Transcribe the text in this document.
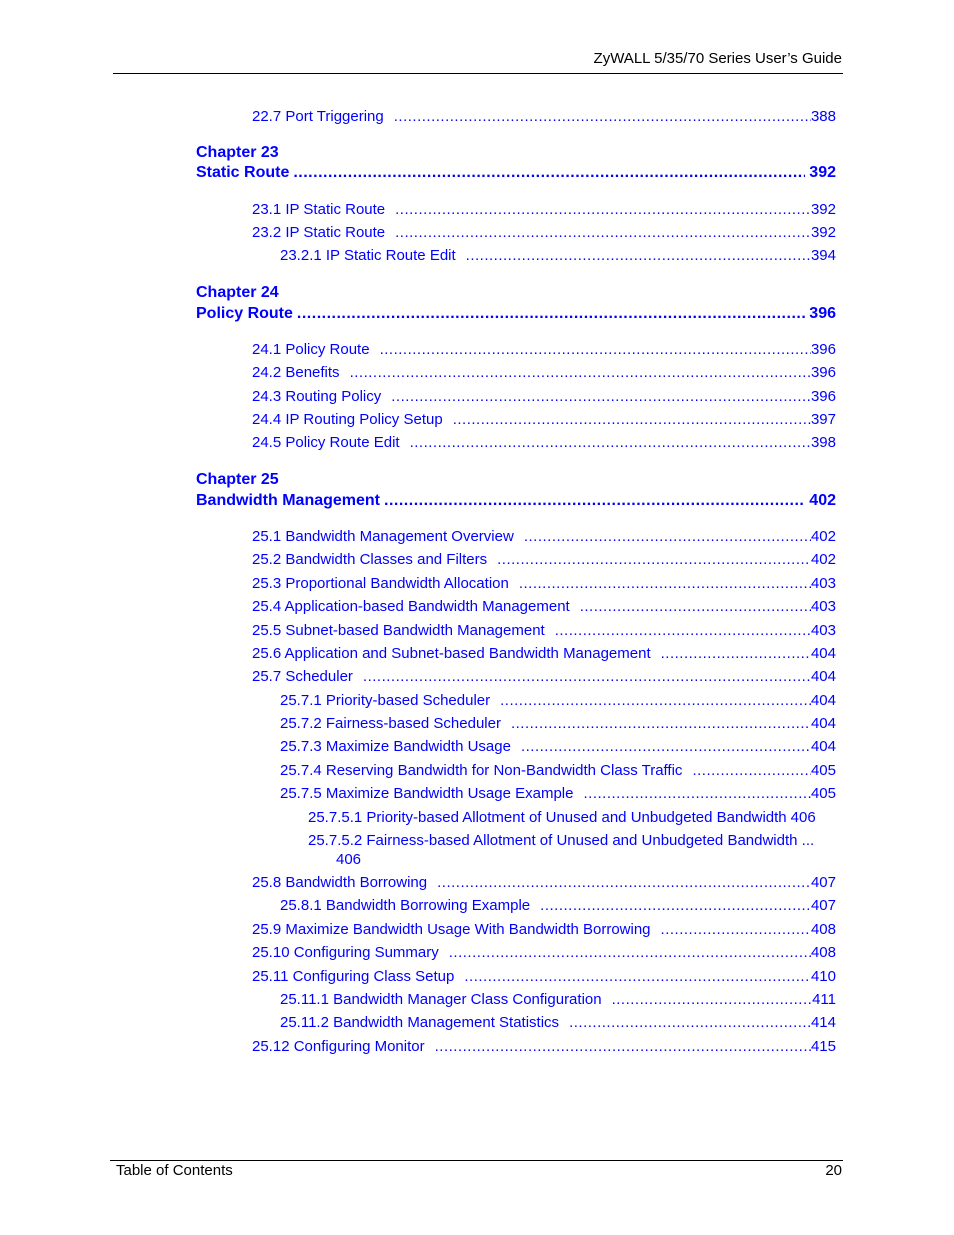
ZyWALL 5/35/70 Series User’s Guide
22.7 Port Triggering .....	388
Chapter 23
Static Route .....	392
23.1 IP Static Route .....	392
23.2 IP Static Route .....	392
23.2.1 IP Static Route Edit .....	394
Chapter 24
Policy Route .....	396
24.1 Policy Route .....	396
24.2 Benefits .....	396
24.3 Routing Policy .....	396
24.4 IP Routing Policy Setup .....	397
24.5 Policy Route Edit .....	398
Chapter 25
Bandwidth Management .....	402
25.1 Bandwidth Management Overview .....	402
25.2 Bandwidth Classes and Filters .....	402
25.3 Proportional Bandwidth Allocation .....	403
25.4 Application-based Bandwidth Management .....	403
25.5 Subnet-based Bandwidth Management .....	403
25.6 Application and Subnet-based Bandwidth Management .....	404
25.7 Scheduler .....	404
25.7.1 Priority-based Scheduler .....	404
25.7.2 Fairness-based Scheduler .....	404
25.7.3 Maximize Bandwidth Usage .....	404
25.7.4 Reserving Bandwidth for Non-Bandwidth Class Traffic .....	405
25.7.5 Maximize Bandwidth Usage Example .....	405
25.7.5.1 Priority-based Allotment of Unused and Unbudgeted Bandwidth 406
25.7.5.2 Fairness-based Allotment of Unused and Unbudgeted Bandwidth ...
406
25.8 Bandwidth Borrowing .....	407
25.8.1 Bandwidth Borrowing Example .....	407
25.9 Maximize Bandwidth Usage With Bandwidth Borrowing .....	408
25.10 Configuring Summary .....	408
25.11 Configuring Class Setup .....	410
25.11.1 Bandwidth Manager Class Configuration .....	411
25.11.2 Bandwidth Management Statistics .....	414
25.12 Configuring Monitor .....	415
Table of Contents	20
